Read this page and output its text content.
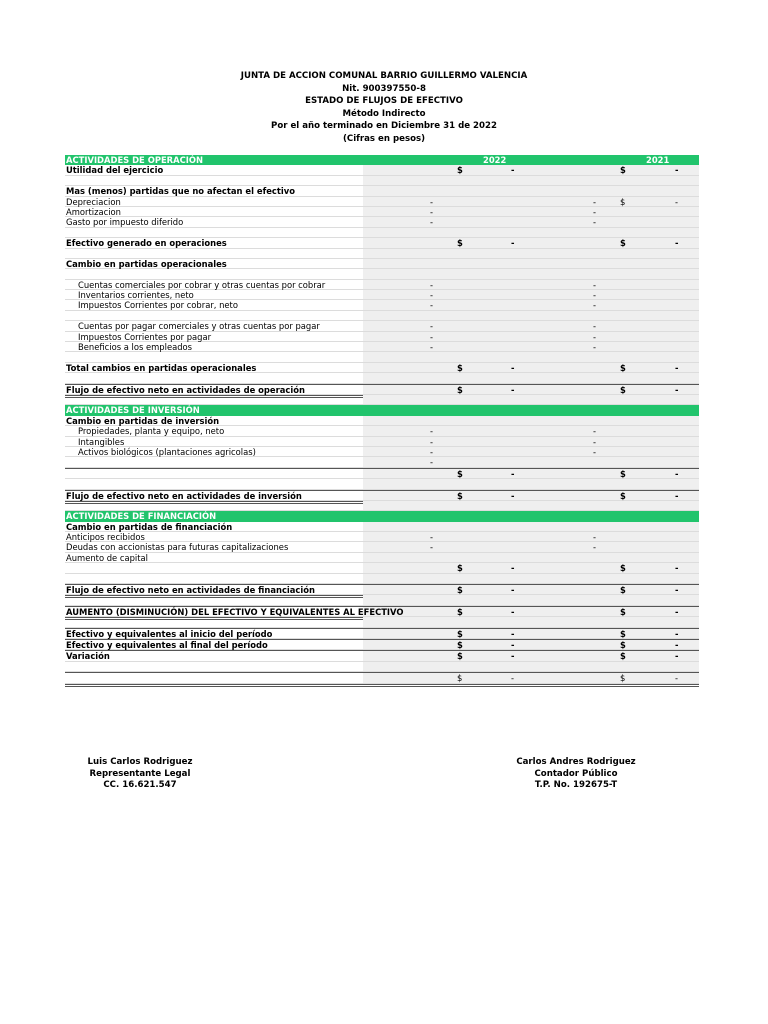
JUNTA DE ACCION COMUNAL BARRIO GUILLERMO VALENCIA
Nit. 900397550-8
ESTADO DE FLUJOS DE EFECTIVO
Método Indirecto
Por el año terminado en Diciembre 31 de 2022
(Cifras en pesos)
ACTIVIDADES DE OPERACIÓN	2022	2021
Utilidad del ejercicio	$	-	$	-
Mas (menos) partidas que no afectan el efectivo
Depreciacion	-	-	$	-
Amortizacion	-	-
Gasto por impuesto diferido	-	-
Efectivo generado en operaciones	$	-	$	-
Cambio en partidas operacionales
Cuentas comerciales por cobrar y otras cuentas por cobrar	-	-
Inventarios corrientes, neto	-	-
Impuestos Corrientes por cobrar, neto	-	-
Cuentas por pagar comerciales y otras cuentas por pagar	-	-
Impuestos Corrientes por pagar	-	-
Beneficios a los empleados	-	-
Total cambios en partidas operacionales	$	-	$	-
Flujo de efectivo neto en actividades de operación	$	-	$	-
ACTIVIDADES DE INVERSIÓN
Cambio en partidas de inversión
Propiedades, planta y equipo, neto	-	-
Intangibles	-	-
Activos biológicos (plantaciones agricolas)	-	-
-
$	-	$	-
Flujo de efectivo neto en actividades de inversión	$	-	$	-
ACTIVIDADES DE FINANCIACIÓN
Cambio en partidas de financiación
Anticipos recibidos	-	-
Deudas con accionistas para futuras capitalizaciones	-	-
Aumento de capital
$	-	$	-
Flujo de efectivo neto en actividades de financiación	$	-	$	-
AUMENTO (DISMINUCIÓN) DEL EFECTIVO Y EQUIVALENTES AL EFECTIVO	$	-	$	-
Efectivo y equivalentes al inicio del período	$	-	$	-
Efectivo y equivalentes al final del período	$	-	$	-
Variación	$	-	$	-
$	-	$	-
Luis Carlos Rodriguez
Representante Legal
CC. 16.621.547
Carlos Andres Rodriguez
Contador Público
T.P. No. 192675-T
